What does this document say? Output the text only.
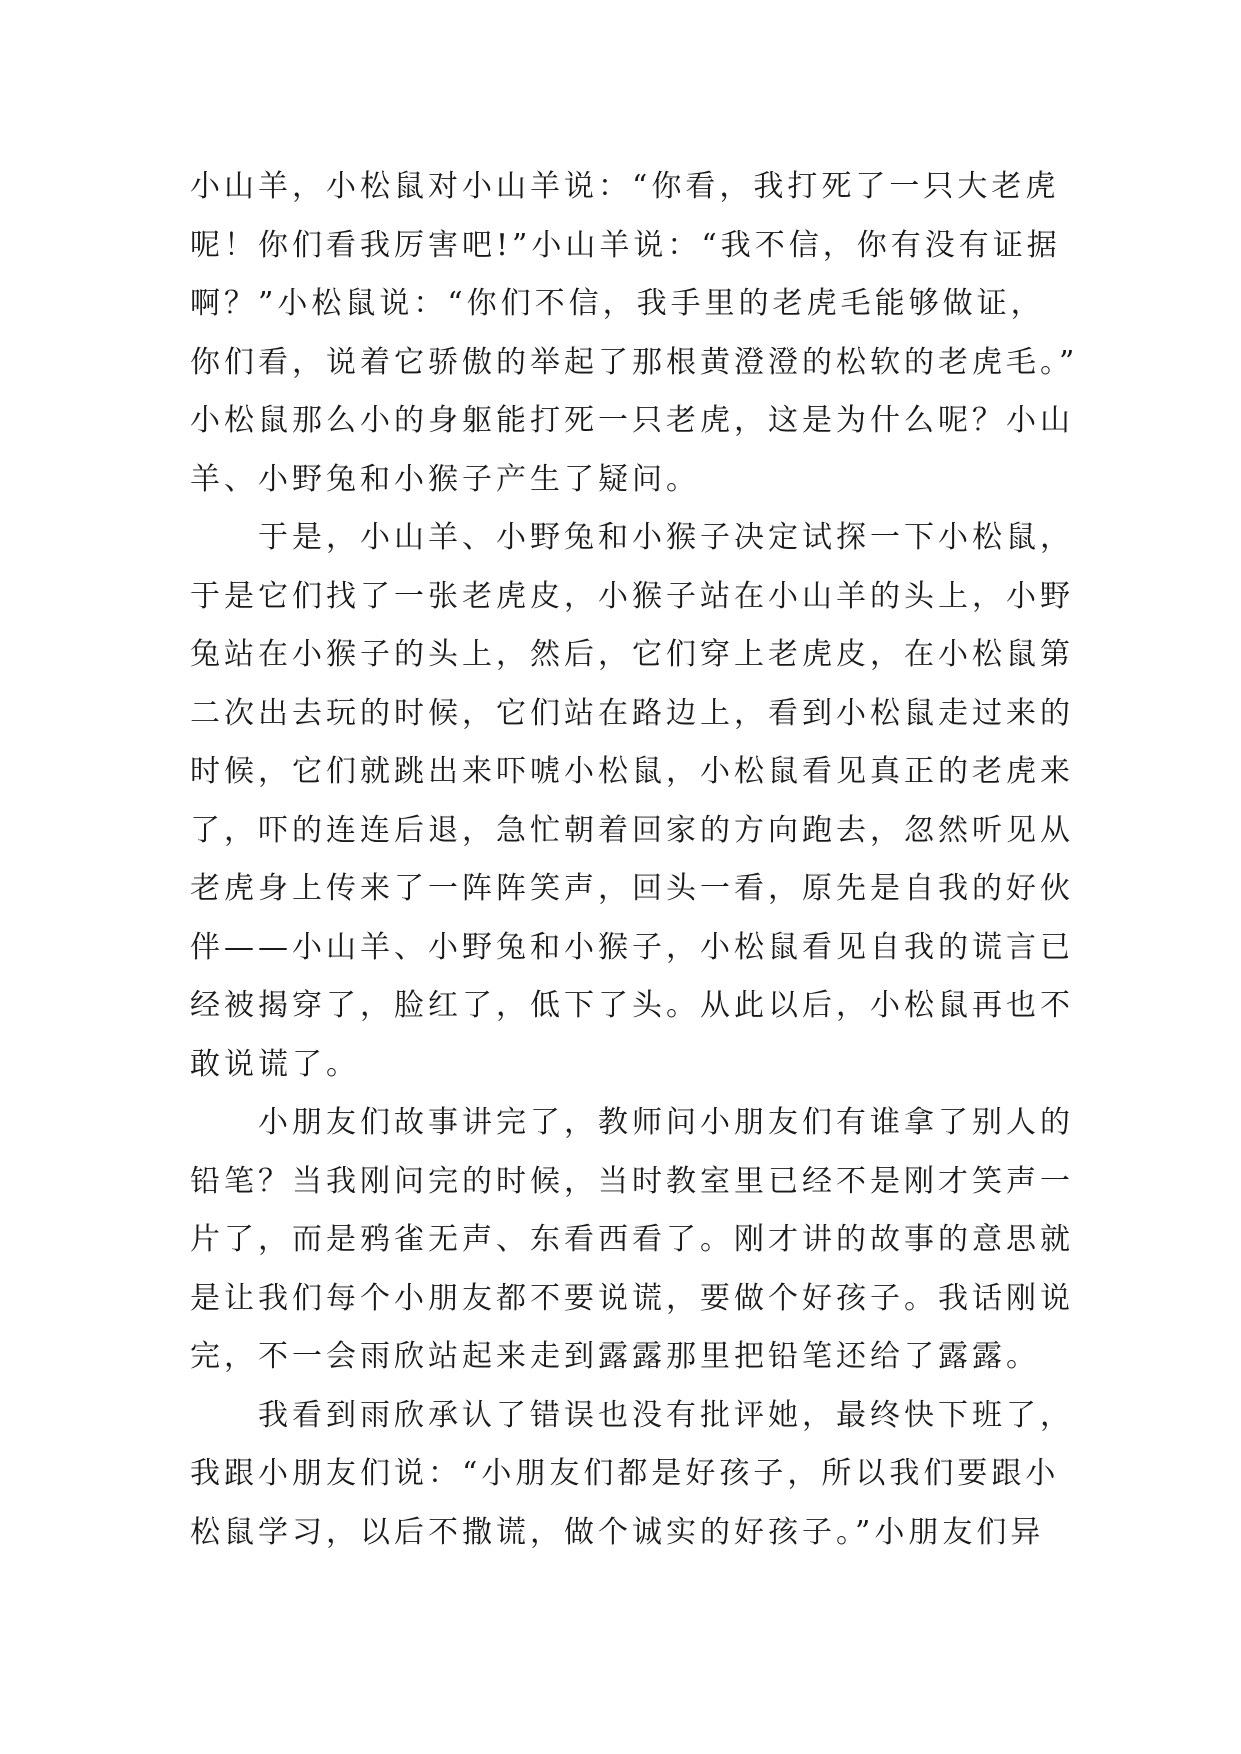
小山羊，小松鼠对小山羊说：“你看，我打死了一只大老虎
呢！你们看我厉害吧!”小山羊说：“我不信，你有没有证据
啊？”小松鼠说：“你们不信，我手里的老虎毛能够做证，
你们看，说着它骄傲的举起了那根黄澄澄的松软的老虎毛。”
小松鼠那么小的身躯能打死一只老虎，这是为什么呢？小山
羊、小野兔和小猴子产生了疑问。
于是，小山羊、小野兔和小猴子决定试探一下小松鼠，
于是它们找了一张老虎皮，小猴子站在小山羊的头上，小野
兔站在小猴子的头上，然后，它们穿上老虎皮，在小松鼠第
二次出去玩的时候，它们站在路边上，看到小松鼠走过来的
时候，它们就跳出来吓唬小松鼠，小松鼠看见真正的老虎来
了，吓的连连后退，急忙朝着回家的方向跑去，忽然听见从
老虎身上传来了一阵阵笑声，回头一看，原先是自我的好伙
伴——小山羊、小野兔和小猴子，小松鼠看见自我的谎言已
经被揭穿了，脸红了，低下了头。从此以后，小松鼠再也不
敢说谎了。
小朋友们故事讲完了，教师问小朋友们有谁拿了别人的
铅笔？当我刚问完的时候，当时教室里已经不是刚才笑声一
片了，而是鸦雀无声、东看西看了。刚才讲的故事的意思就
是让我们每个小朋友都不要说谎，要做个好孩子。我话刚说
完，不一会雨欣站起来走到露露那里把铅笔还给了露露。
我看到雨欣承认了错误也没有批评她，最终快下班了，
我跟小朋友们说：“小朋友们都是好孩子，所以我们要跟小
松鼠学习，以后不撒谎，做个诚实的好孩子。”小朋友们异
